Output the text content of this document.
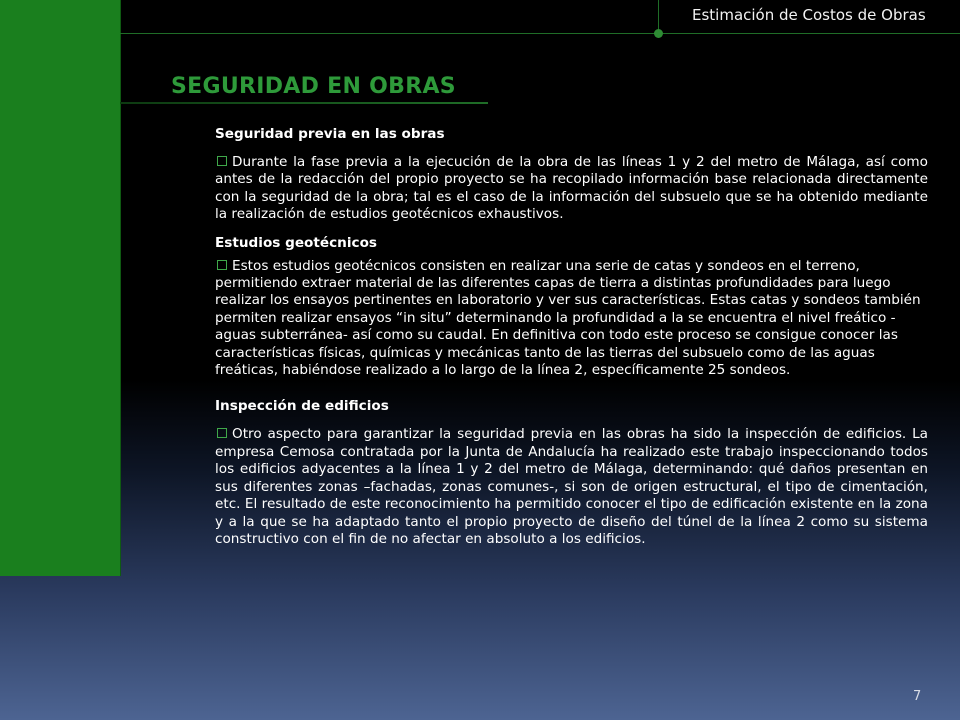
Estimación de Costos de Obras
SEGURIDAD EN OBRAS

Seguridad previa en las obras

Durante la fase previa a la ejecución de la obra de las líneas 1 y 2 del metro de Málaga, así como antes de la redacción del propio proyecto se ha recopilado información base relacionada directamente con la seguridad de la obra; tal es el caso de la información del subsuelo que se ha obtenido mediante la realización de estudios geotécnicos exhaustivos.

Estudios geotécnicos

Estos estudios geotécnicos consisten en realizar una serie de catas y sondeos en el terreno, permitiendo extraer material de las diferentes capas de tierra a distintas profundidades para luego realizar los ensayos pertinentes en laboratorio y ver sus características. Estas catas y sondeos también permiten realizar ensayos “in situ” determinando la profundidad a la se encuentra el nivel freático -aguas subterránea- así como su caudal. En definitiva con todo este proceso se consigue conocer las características físicas, químicas y mecánicas tanto de las tierras del subsuelo como de las aguas freáticas, habiéndose realizado a lo largo de la línea 2, específicamente 25 sondeos.

Inspección de edificios

Otro aspecto para garantizar la seguridad previa en las obras ha sido la inspección de edificios. La empresa Cemosa contratada por la Junta de Andalucía ha realizado este trabajo inspeccionando todos los edificios adyacentes a la línea 1 y 2 del metro de Málaga, determinando: qué daños presentan en sus diferentes zonas –fachadas, zonas comunes-, si son de origen estructural, el tipo de cimentación, etc. El resultado de este reconocimiento ha permitido conocer el tipo de edificación existente en la zona y a la que se ha adaptado tanto el propio proyecto de diseño del túnel de la línea 2 como su sistema constructivo con el fin de no afectar en absoluto a los edificios.

7
